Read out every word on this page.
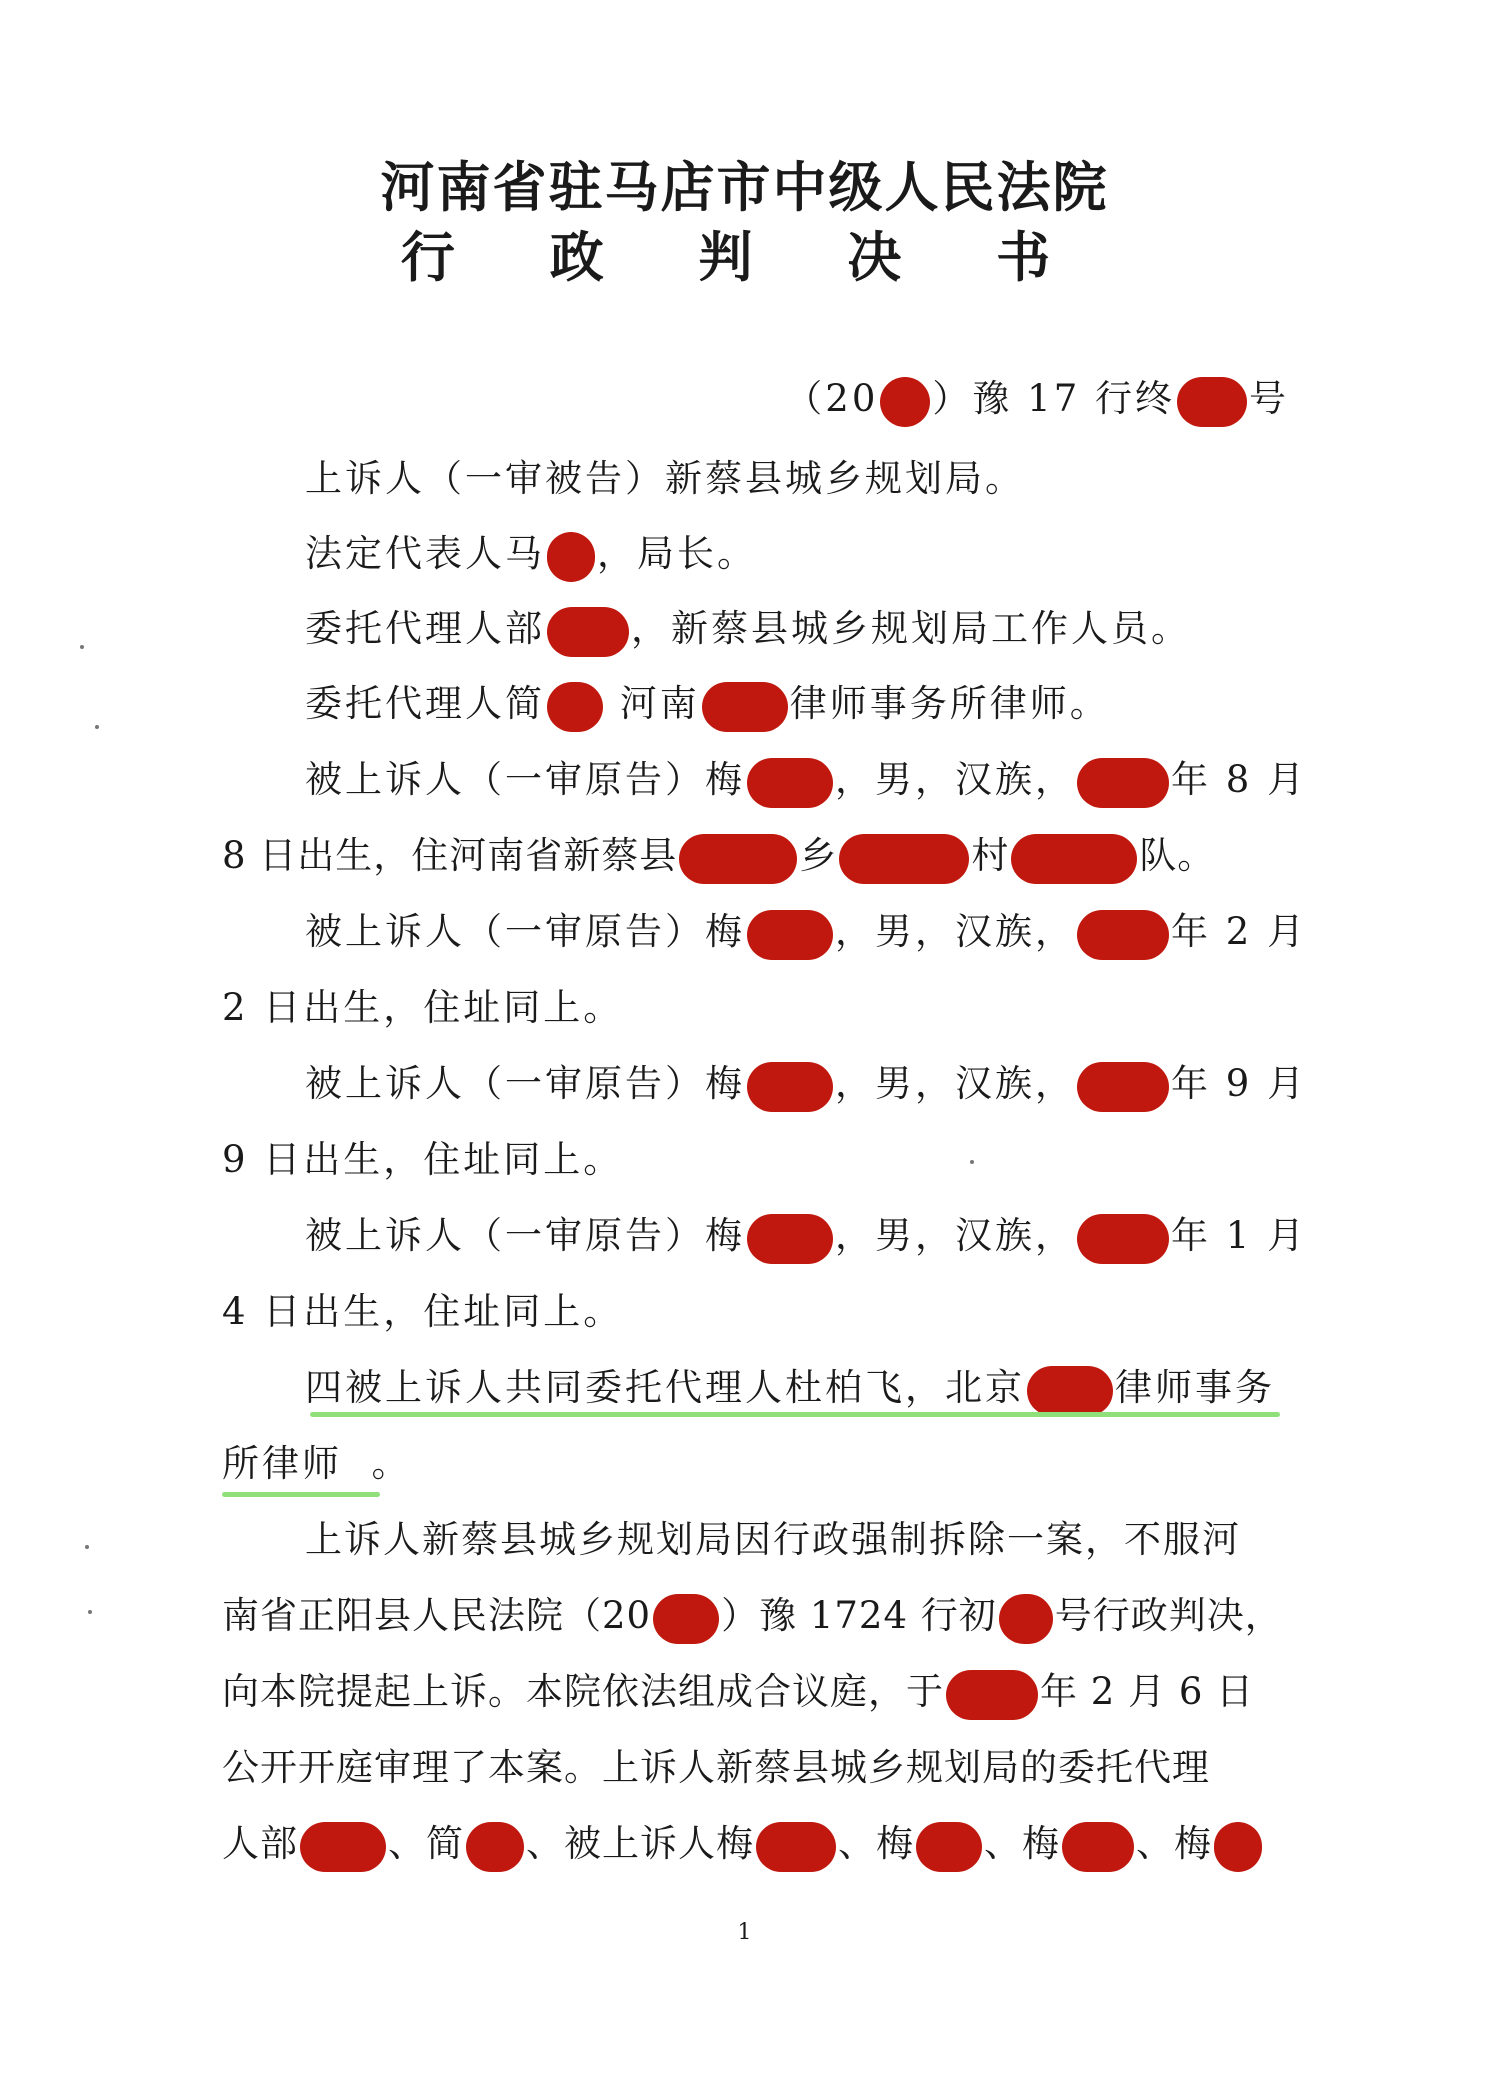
河南省驻马店市中级人民法院
行 政 判 决 书
（20 ）豫 17 行终 号
上诉人（一审被告）新蔡县城乡规划局。
法定代表人马 ，局长。
委托代理人部 ，新蔡县城乡规划局工作人员。
委托代理人简 河南 律师事务所律师。
被上诉人（一审原告）梅 ，男，汉族，	年 8 月
8 日出生，住河南省新蔡县	乡	村	队。
被上诉人（一审原告）梅 ，男，汉族，	年 2 月
2 日出生，住址同上。
被上诉人（一审原告）梅 ，男，汉族，	年 9 月
9 日出生，住址同上。
被上诉人（一审原告）梅 ，男，汉族，	年 1 月
4 日出生，住址同上。
四被上诉人共同委托代理人杜柏飞，北京 律师事务
所律师 。
上诉人新蔡县城乡规划局因行政强制拆除一案，不服河
南省正阳县人民法院（20 ）豫 1724 行初 号行政判决，
向本院提起上诉。本院依法组成合议庭，于	年 2 月 6 日
公开开庭审理了本案。上诉人新蔡县城乡规划局的委托代理
人部 、简 、被上诉人梅 、梅 、梅 、梅
1
